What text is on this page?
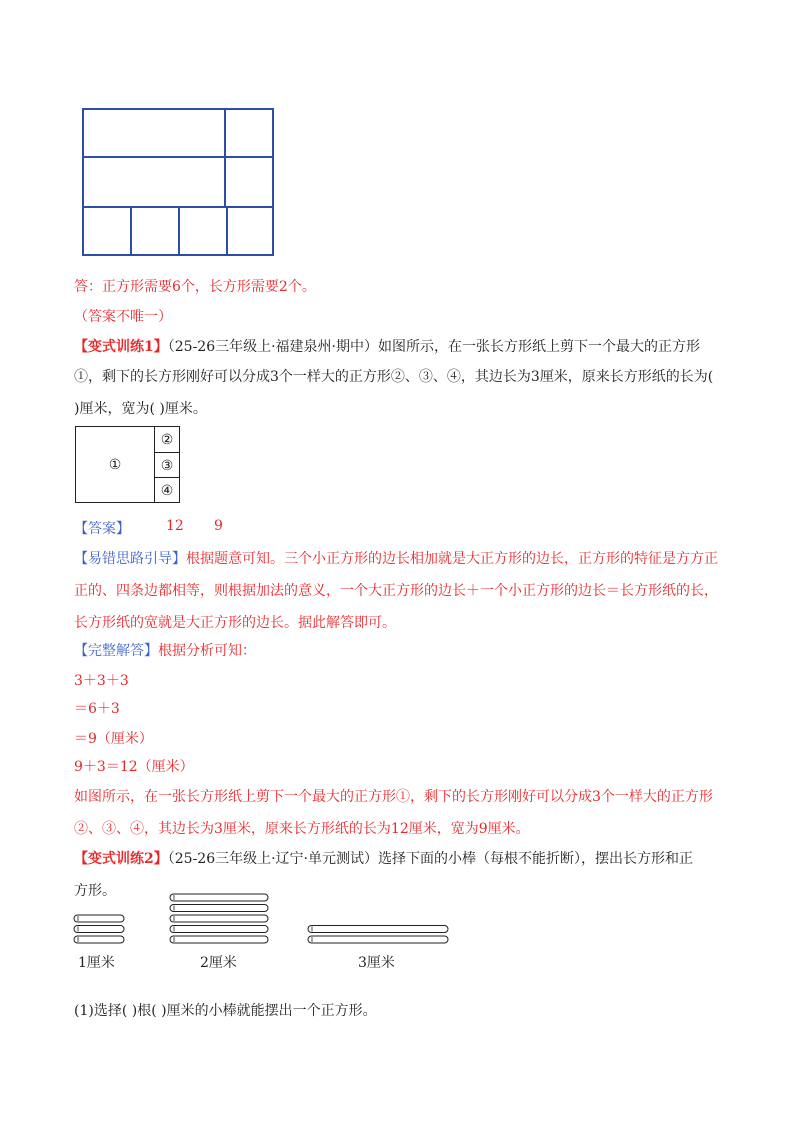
答：正方形需要6个，长方形需要2个。
（答案不唯一）
【变式训练1】（25-26三年级上·福建泉州·期中）如图所示，在一张长方形纸上剪下一个最大的正方形
①，剩下的长方形刚好可以分成3个一样大的正方形②、③、④，其边长为3厘米，原来长方形纸的长为(
)厘米，宽为( )厘米。
①
②
③
④
【答案】	12 9
【易错思路引导】根据题意可知。三个小正方形的边长相加就是大正方形的边长，正方形的特征是方方正
正的、四条边都相等，则根据加法的意义，一个大正方形的边长＋一个小正方形的边长＝长方形纸的长，
长方形纸的宽就是大正方形的边长。据此解答即可。
【完整解答】根据分析可知：
3＋3＋3
＝6＋3
＝9（厘米）
9＋3＝12（厘米）
如图所示，在一张长方形纸上剪下一个最大的正方形①，剩下的长方形刚好可以分成3个一样大的正方形
②、③、④，其边长为3厘米，原来长方形纸的长为12厘米，宽为9厘米。
【变式训练2】（25-26三年级上·辽宁·单元测试）选择下面的小棒（每根不能折断），摆出长方形和正
方形。
1厘米	2厘米	3厘米
(1)选择( )根( )厘米的小棒就能摆出一个正方形。
